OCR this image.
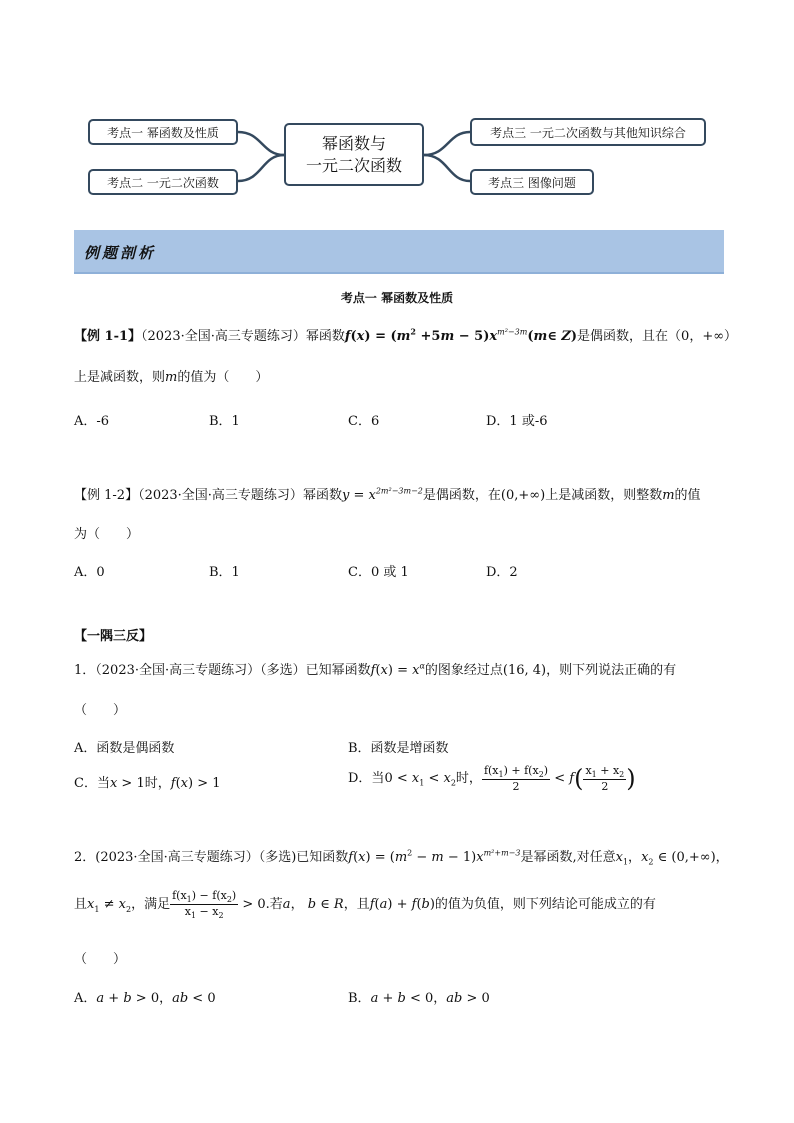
考点一 幂函数及性质
考点二 一元二次函数
幂函数与
一元二次函数
考点三 一元二次函数与其他知识综合
考点三 图像问题
例题剖析
考点一 幂函数及性质
【例 1-1】（2023·全国·高三专题练习）幂函数$f(x) = (m^2 +5m$ − $5)x^{m^2-3m}(m\in$ Z)是偶函数，且在（0，+∞）
上是减函数，则m的值为（　　）
A．-6	B．1	C．6	D．1 或-6
【例 1-2】（2023·全国·高三专题练习）幂函数$y = x^{2m^2-3m-2}$是偶函数，在(0,+∞)上是减函数，则整数m的值
为（　　）
A．0	B．1	C．0 或 1	D．2
【一隅三反】
1．（2023·全国·高三专题练习）（多选）已知幂函数$f(x) = x^\alpha$的图象经过点(16, 4)，则下列说法正确的有
（　　）
A．函数是偶函数	B．函数是增函数
C．当x > 1时，f(x) > 1	D．当$0 < x_1 < x_2$时， $\frac{f(x_1) + f(x_2)}{2} < f( \frac{x_1 + x_2}{2}$ )
2．(2023·全国·高三专题练习）（多选)已知函数$f(x) = (m^2 - m - 1)x^{m^2+m-3}$是幂函数,对任意$x_1$，$x_2$ ∈ (0,+∞)，
且$x_1 \ne x_2$，满足 $\frac{f(x_1) - f(x_2)}{x_1 - x_2} > 0$.若a， b ∈ R，且f(a) + f(b)的值为负值，则下列结论可能成立的有
（　　）
A．a + b > 0，ab < 0	B．a + b < 0，ab > 0
